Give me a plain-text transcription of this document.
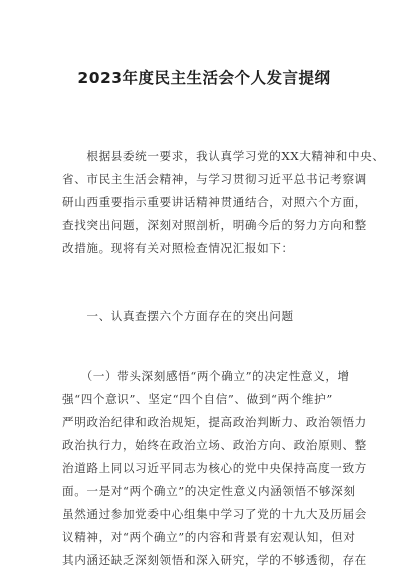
2023年度民主生活会个人发言提纲
　　根据县委统一要求，我认真学习党的XX大精神和中央、
省、市民主生活会精神，与学习贯彻习近平总书记考察调
研山西重要指示重要讲话精神贯通结合，对照六个方面，
查找突出问题，深刻对照剖析，明确今后的努力方向和整
改措施。现将有关对照检查情况汇报如下：
　　一、认真查摆六个方面存在的突出问题
　　（一）带头深刻感悟“两个确立”的决定性意义，增
强“四个意识”、坚定“四个自信”、做到“两个维护”
严明政治纪律和政治规矩，提高政治判断力、政治领悟力
政治执行力，始终在政治立场、政治方向、政治原则、整
治道路上同以习近平同志为核心的党中央保持高度一致方
面。一是对“两个确立”的决定性意义内涵领悟不够深刻
虽然通过参加党委中心组集中学习了党的十九大及历届会
议精神，对“两个确立”的内容和背景有宏观认知，但对
其内涵还缺乏深刻领悟和深入研究，学的不够透彻，存在
